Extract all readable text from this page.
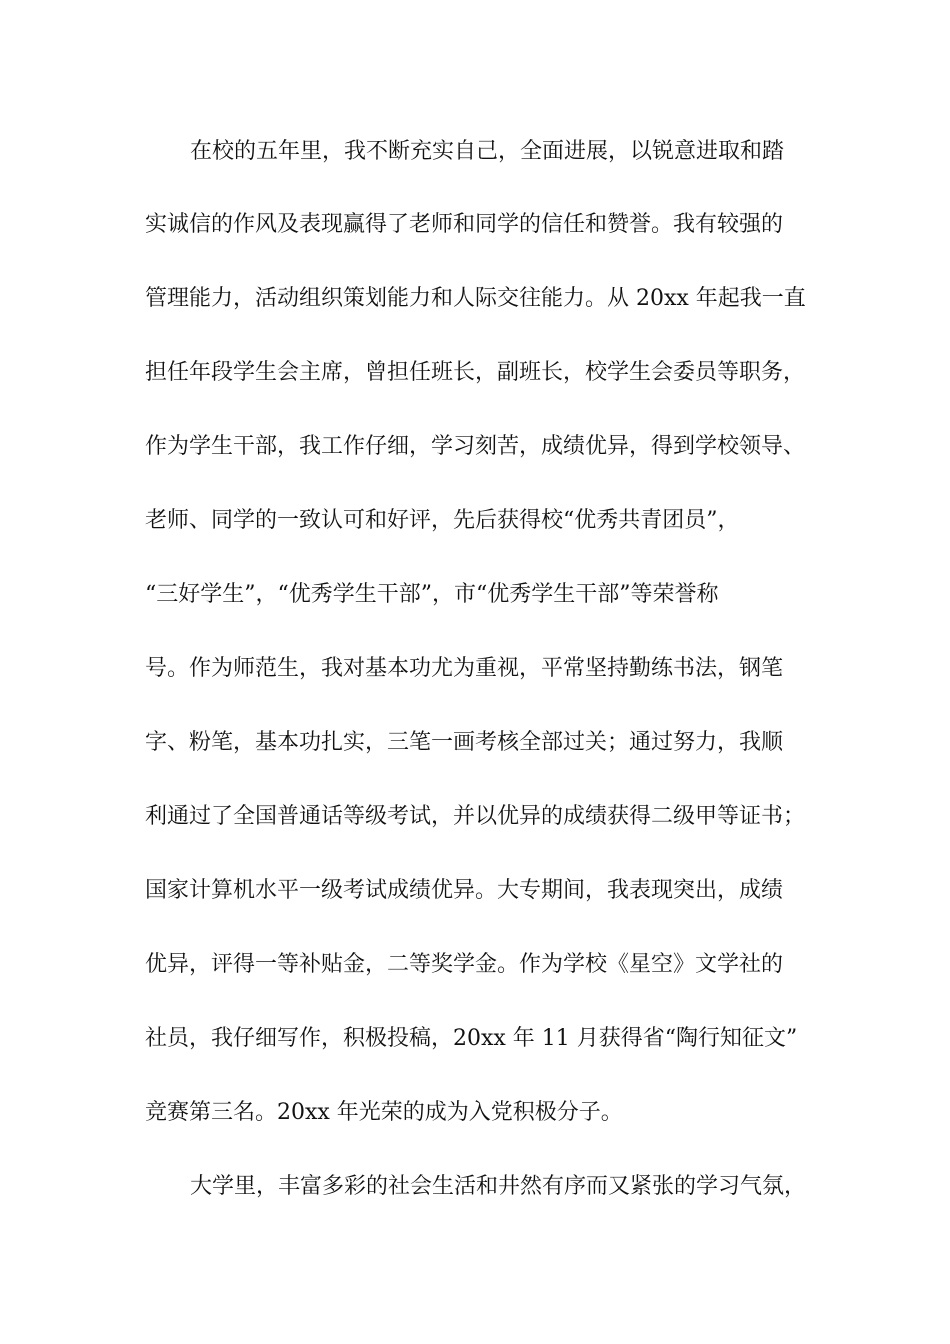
在校的五年里，我不断充实自己，全面进展，以锐意进取和踏
实诚信的作风及表现赢得了老师和同学的信任和赞誉。我有较强的
管理能力，活动组织策划能力和人际交往能力。从 20xx 年起我一直
担任年段学生会主席，曾担任班长，副班长，校学生会委员等职务，
作为学生干部，我工作仔细，学习刻苦，成绩优异，得到学校领导、
老师、同学的一致认可和好评，先后获得校“优秀共青团员”，
“三好学生”，“优秀学生干部”，市“优秀学生干部”等荣誉称
号。作为师范生，我对基本功尤为重视，平常坚持勤练书法，钢笔
字、粉笔，基本功扎实，三笔一画考核全部过关；通过努力，我顺
利通过了全国普通话等级考试，并以优异的成绩获得二级甲等证书；
国家计算机水平一级考试成绩优异。大专期间，我表现突出，成绩
优异，评得一等补贴金，二等奖学金。作为学校《星空》文学社的
社员，我仔细写作，积极投稿，20xx 年 11 月获得省“陶行知征文”
竞赛第三名。20xx 年光荣的成为入党积极分子。
大学里，丰富多彩的社会生活和井然有序而又紧张的学习气氛，
